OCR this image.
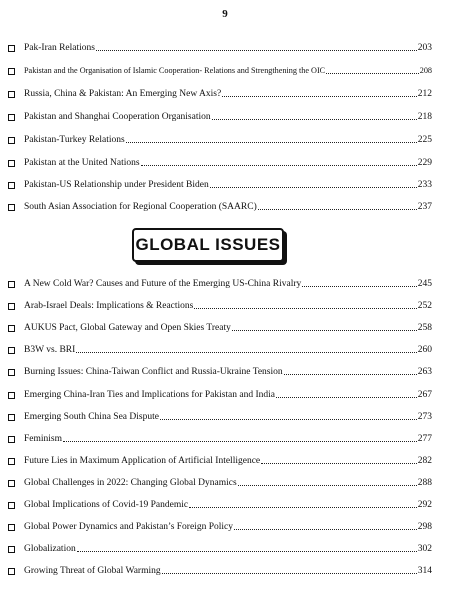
9
Pak-Iran Relations	203
Pakistan and the Organisation of Islamic Cooperation- Relations and Strengthening the OIC	208
Russia, China & Pakistan: An Emerging New Axis?	212
Pakistan and Shanghai Cooperation Organisation	218
Pakistan-Turkey Relations	225
Pakistan at the United Nations	229
Pakistan-US Relationship under President Biden	233
South Asian Association for Regional Cooperation (SAARC)	237
GLOBAL ISSUES
A New Cold War? Causes and Future of the Emerging US-China Rivalry	245
Arab-Israel Deals: Implications & Reactions	252
AUKUS Pact, Global Gateway and Open Skies Treaty	258
B3W vs. BRI	260
Burning Issues: China-Taiwan Conflict and Russia-Ukraine Tension	263
Emerging China-Iran Ties and Implications for Pakistan and India	267
Emerging South China Sea Dispute	273
Feminism	277
Future Lies in Maximum Application of Artificial Intelligence	282
Global Challenges in 2022: Changing Global Dynamics	288
Global Implications of Covid-19 Pandemic	292
Global Power Dynamics and Pakistan’s Foreign Policy	298
Globalization	302
Growing Threat of Global Warming	314
